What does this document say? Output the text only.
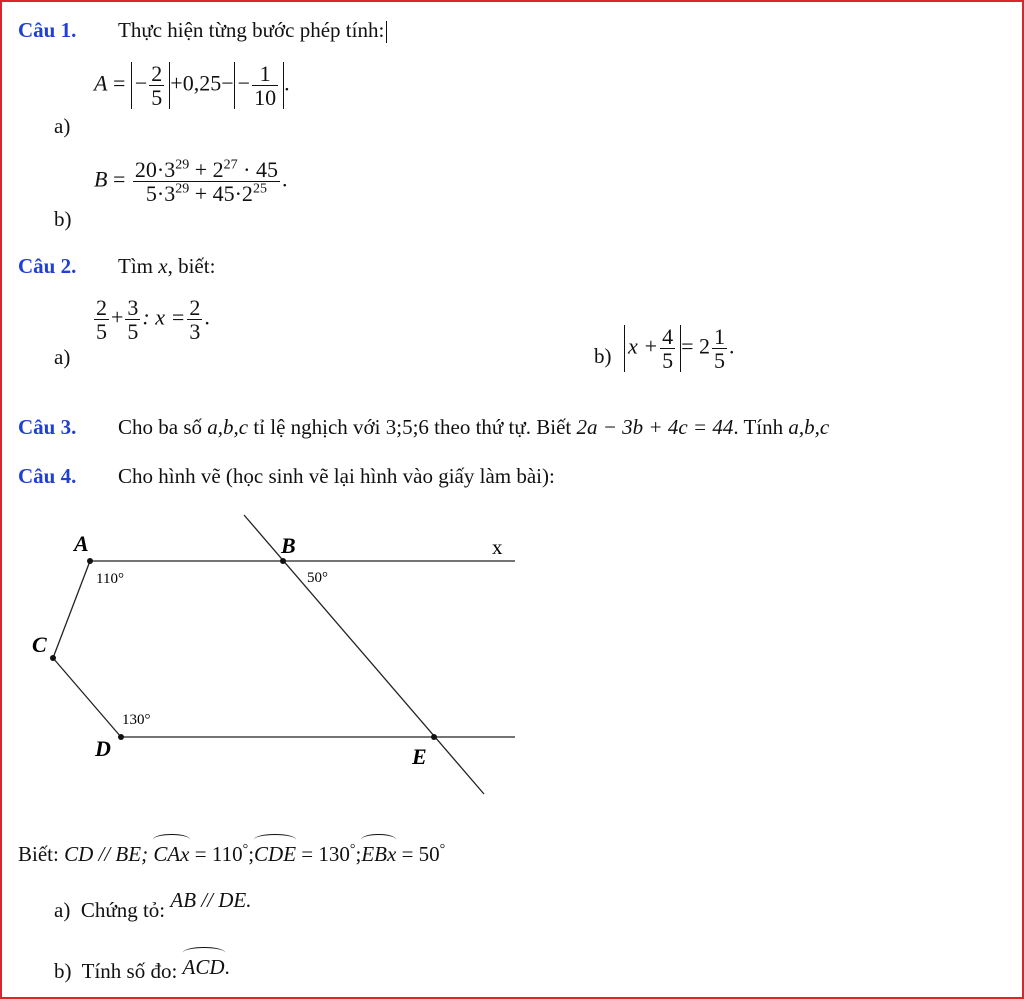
Câu 1. Thực hiện từng bước phép tính:
a)
A = − $\frac{2}{5} +0,25- - \frac{1}{10}$ .
b)
$B = \frac{20\cdot 3^{29} + 2^{27} \cdot 45}{5\cdot 3^{29} + 45\cdot 2^{25}}$ .
Câu 2. Tìm x, biết:
a)
$\frac{2}{5} + \frac{3}{5}$ : $x = \frac{2}{3}$ .
b) $x + \frac{4}{5} = 2 \frac{1}{5}$ .
Câu 3. Cho ba số a,b,c tỉ lệ nghịch với 3;5;6 theo thứ tự. Biết 2a − 3b + 4c = 44. Tính a,b,c
Câu 4. Cho hình vẽ (học sinh vẽ lại hình vào giấy làm bài):
A	B
C
D	E
x
110°	50°
130°
Biết: CD // BE; CAx = 110°;CDE = 130°;EBx = 50°
a) Chứng tỏ: AB // DE.
b) Tính số đo: ACD.
